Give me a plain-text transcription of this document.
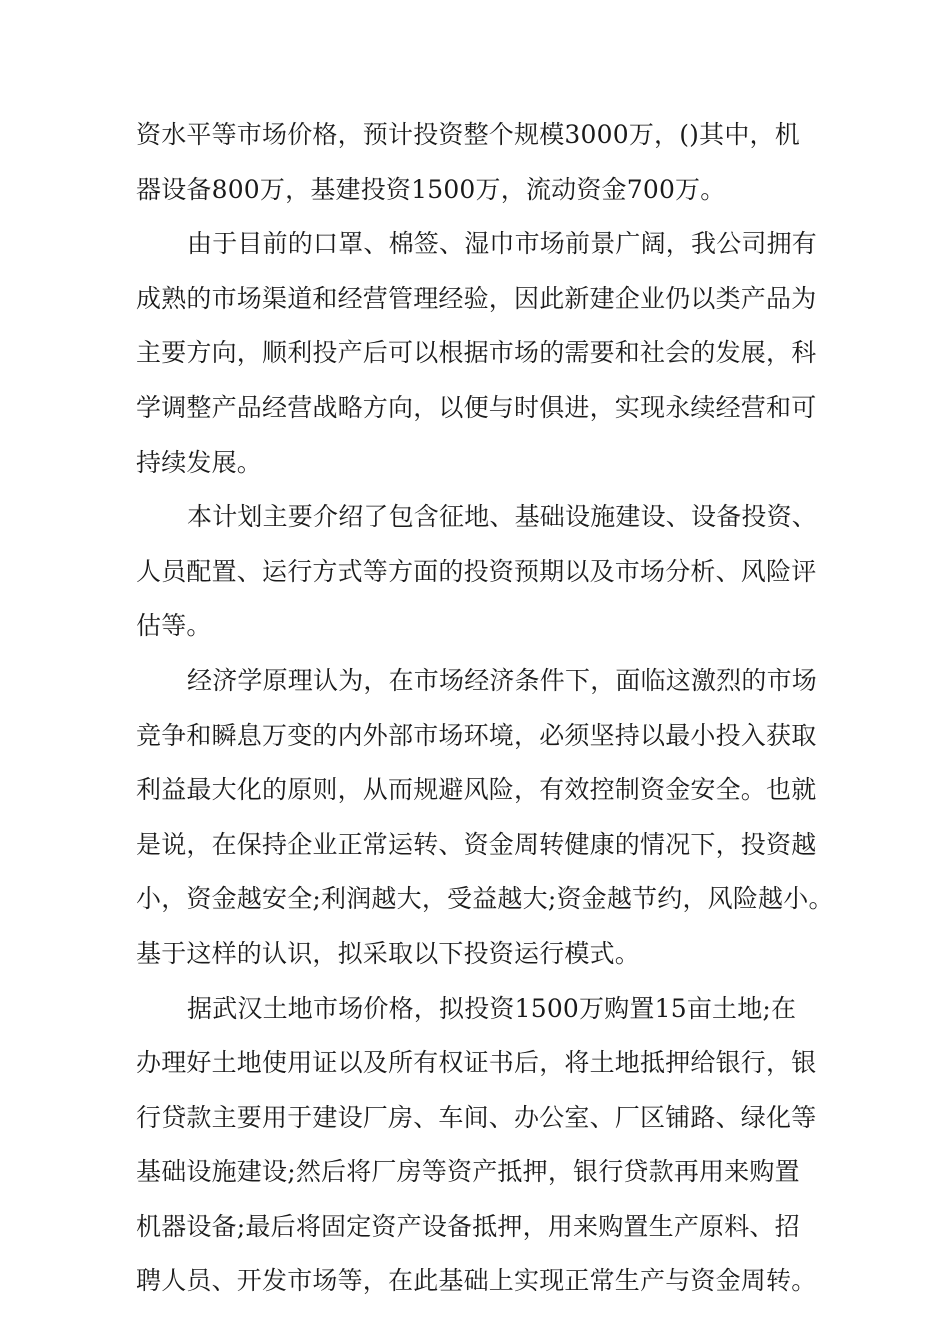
资水平等市场价格，预计投资整个规模3000万，()其中，机
器设备800万，基建投资1500万，流动资金700万。
由于目前的口罩、棉签、湿巾市场前景广阔，我公司拥有
成熟的市场渠道和经营管理经验，因此新建企业仍以类产品为
主要方向，顺利投产后可以根据市场的需要和社会的发展，科
学调整产品经营战略方向，以便与时俱进，实现永续经营和可
持续发展。
本计划主要介绍了包含征地、基础设施建设、设备投资、
人员配置、运行方式等方面的投资预期以及市场分析、风险评
估等。
经济学原理认为，在市场经济条件下，面临这激烈的市场
竞争和瞬息万变的内外部市场环境，必须坚持以最小投入获取
利益最大化的原则，从而规避风险，有效控制资金安全。也就
是说，在保持企业正常运转、资金周转健康的情况下，投资越
小，资金越安全;利润越大，受益越大;资金越节约，风险越小。
基于这样的认识，拟采取以下投资运行模式。
据武汉土地市场价格，拟投资1500万购置15亩土地;在
办理好土地使用证以及所有权证书后，将土地抵押给银行，银
行贷款主要用于建设厂房、车间、办公室、厂区铺路、绿化等
基础设施建设;然后将厂房等资产抵押，银行贷款再用来购置
机器设备;最后将固定资产设备抵押，用来购置生产原料、招
聘人员、开发市场等，在此基础上实现正常生产与资金周转。
